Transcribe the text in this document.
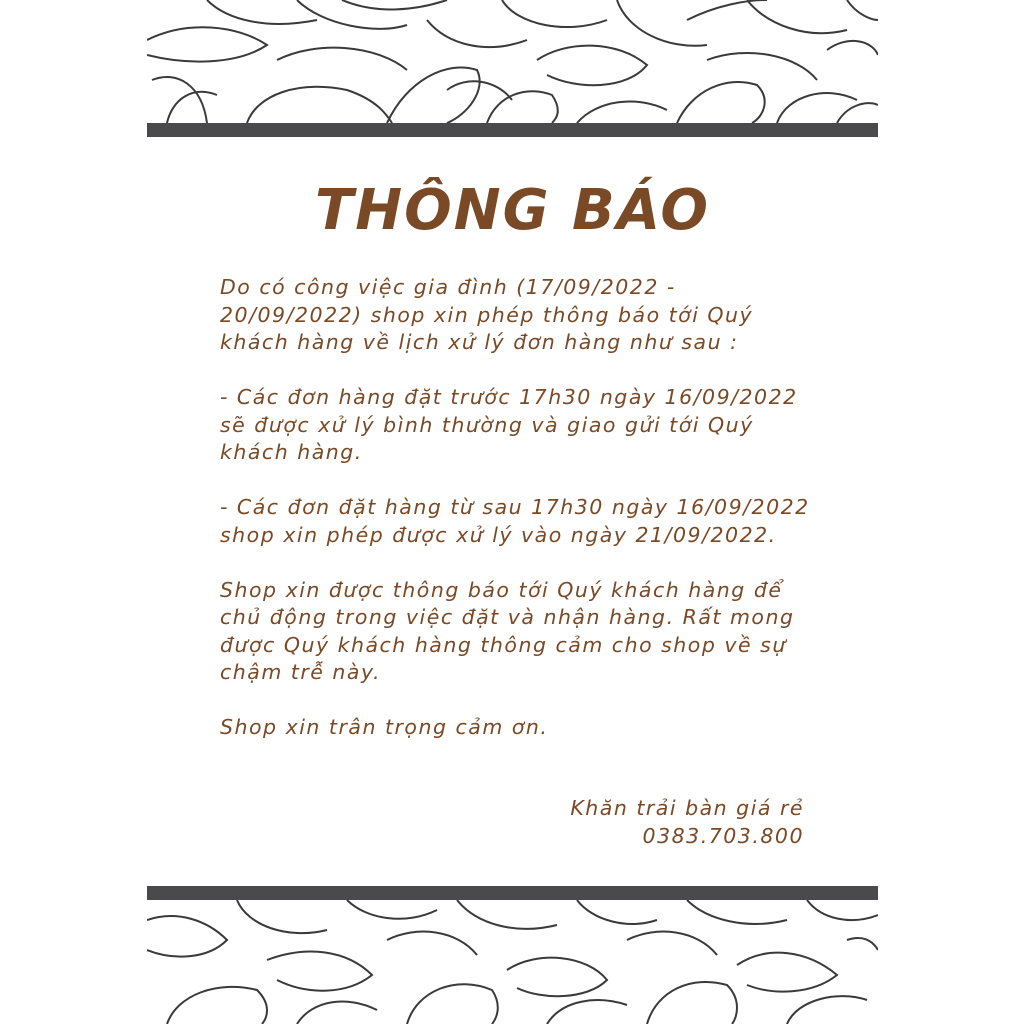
THÔNG BÁO

Do có công việc gia đình (17/09/2022 - 20/09/2022) shop xin phép thông báo tới Quý khách hàng về lịch xử lý đơn hàng như sau :

- Các đơn hàng đặt trước 17h30 ngày 16/09/2022 sẽ được xử lý bình thường và giao gửi tới Quý khách hàng.

- Các đơn đặt hàng từ sau 17h30 ngày 16/09/2022 shop xin phép được xử lý vào ngày 21/09/2022.

Shop xin được thông báo tới Quý khách hàng để chủ động trong việc đặt và nhận hàng. Rất mong được Quý khách hàng thông cảm cho shop về sự chậm trễ này.

Shop xin trân trọng cảm ơn.

Khăn trải bàn giá rẻ
0383.703.800
